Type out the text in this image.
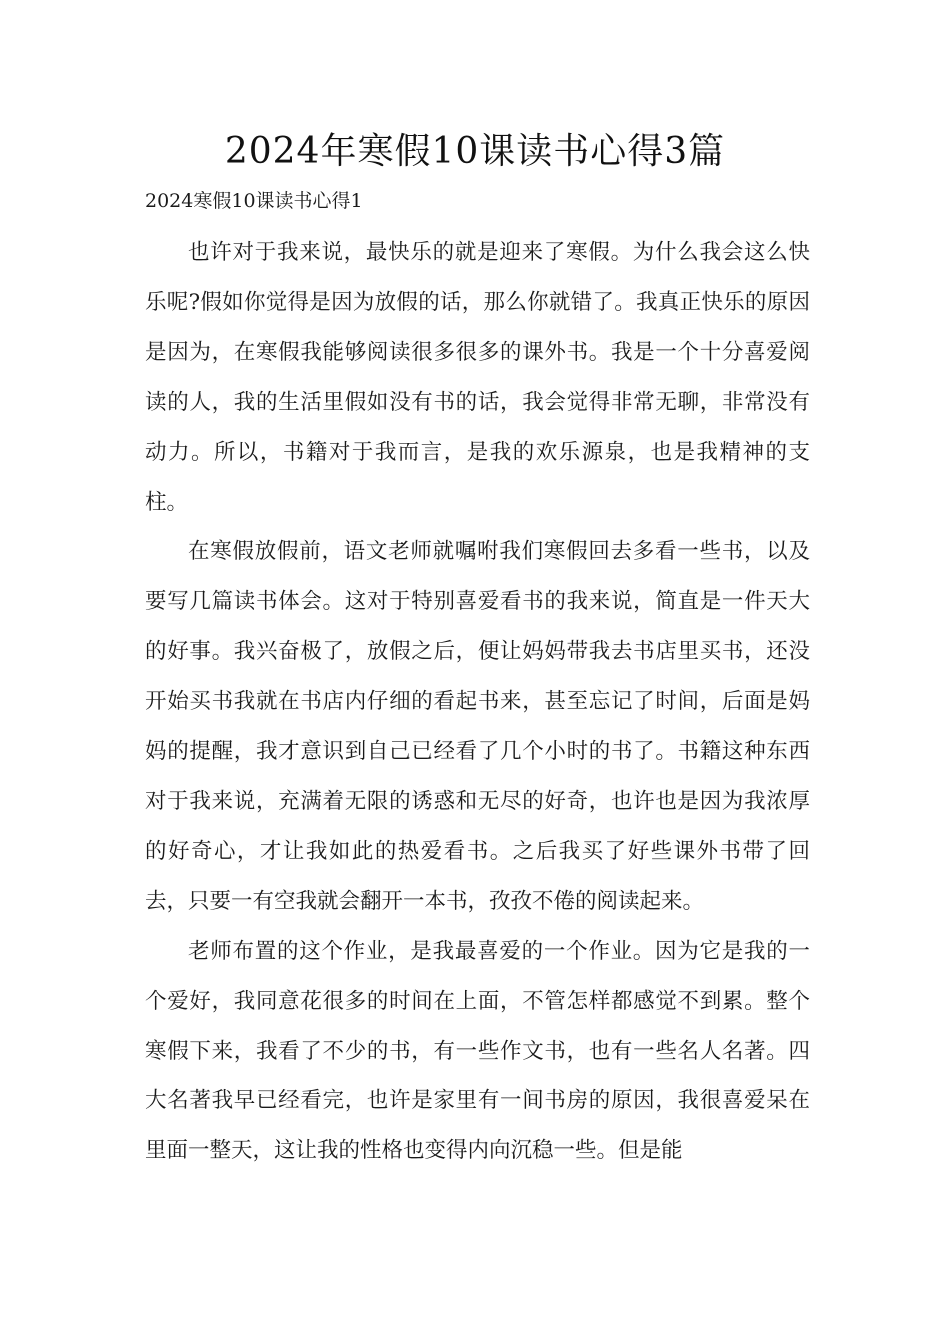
2024年寒假10课读书心得3篇

2024寒假10课读书心得1

也许对于我来说，最快乐的就是迎来了寒假。为什么我会这么快乐呢?假如你觉得是因为放假的话，那么你就错了。我真正快乐的原因是因为，在寒假我能够阅读很多很多的课外书。我是一个十分喜爱阅读的人，我的生活里假如没有书的话，我会觉得非常无聊，非常没有动力。所以，书籍对于我而言，是我的欢乐源泉，也是我精神的支柱。

在寒假放假前，语文老师就嘱咐我们寒假回去多看一些书，以及要写几篇读书体会。这对于特别喜爱看书的我来说，简直是一件天大的好事。我兴奋极了，放假之后，便让妈妈带我去书店里买书，还没开始买书我就在书店内仔细的看起书来，甚至忘记了时间，后面是妈妈的提醒，我才意识到自己已经看了几个小时的书了。书籍这种东西对于我来说，充满着无限的诱惑和无尽的好奇，也许也是因为我浓厚的好奇心，才让我如此的热爱看书。之后我买了好些课外书带了回去，只要一有空我就会翻开一本书，孜孜不倦的阅读起来。

老师布置的这个作业，是我最喜爱的一个作业。因为它是我的一个爱好，我同意花很多的时间在上面，不管怎样都感觉不到累。整个寒假下来，我看了不少的书，有一些作文书，也有一些名人名著。四大名著我早已经看完，也许是家里有一间书房的原因，我很喜爱呆在里面一整天，这让我的性格也变得内向沉稳一些。但是能
